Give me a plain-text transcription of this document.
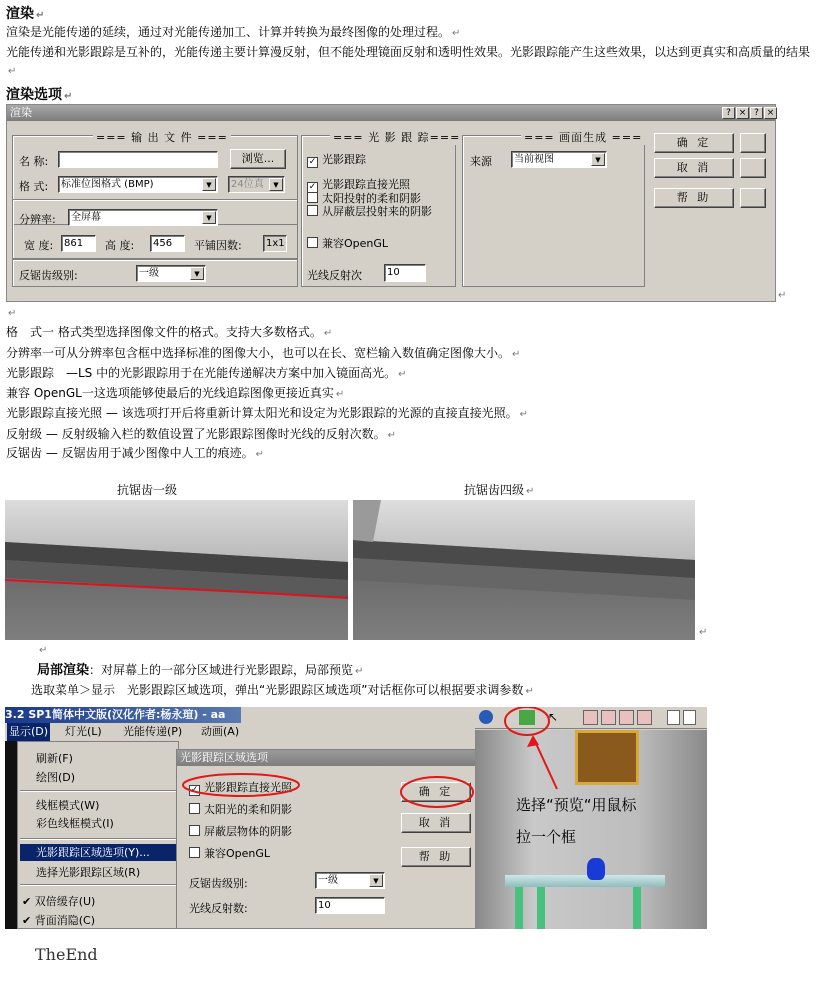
渲染 ↵
渲染是光能传递的延续，通过对光能传递加工、计算并转换为最终图像的处理过程。 ↵
光能传递和光影跟踪是互补的，光能传递主要计算漫反射，但不能处理镜面反射和透明性效果。光影跟踪能产生这些效果，以达到更真实和高质量的结果↵
渲染选项 ↵
渲染	? × ? ×
=== 输 出 文 件 ===
名 称:	浏览...
格 式:	标准位图格式 (BMP)	▼	24位真	▼
分辨率:	全屏幕	▼
宽 度:	861	高 度:	456	平铺因数:	1x1
反锯齿级别:	一级	▼
=== 光 影 跟 踪===
✓ 光影跟踪
✓ 光影跟踪直接光照
太阳投射的柔和阴影
从屏蔽层投射来的阴影
兼容OpenGL
光线反射次	10
=== 画面生成 ===
来源	当前视图	▼
确 定
取 消
帮 助
↵
↵
格　式一 格式类型选择图像文件的格式。支持大多数格式。 ↵
分辨率一可从分辨率包含框中选择标准的图像大小，也可以在长、宽栏输入数值确定图像大小。 ↵
光影跟踪　—LS 中的光影跟踪用于在光能传递解决方案中加入镜面高光。 ↵
兼容 OpenGL一这选项能够使最后的光线追踪图像更接近真实 ↵
光影跟踪直接光照 — 该选项打开后将重新计算太阳光和设定为光影跟踪的光源的直接直接光照。 ↵
反射级 — 反射级输入栏的数值设置了光影跟踪图像时光线的反射次数。 ↵
反锯齿 — 反锯齿用于减少图像中人工的痕迹。 ↵
抗锯齿一级	抗锯齿四级 ↵
↵
↵
局部渲染：对屏幕上的一部分区域进行光影跟踪，局部预览 ↵
选取菜单＞显示　光影跟踪区域选项，弹出“光影跟踪区域选项”对话框你可以根据要求调参数 ↵
3.2 SP1简体中文版(汉化作者:杨永瑄) - aa
显示(D) 灯光(L) 光能传递(P) 动画(A)
刷新(F)
绘图(D)
线框模式(W)
彩色线框模式(I)
光影跟踪区域选项(Y)...
选择光影跟踪区域(R)
✔ 双倍缓存(U)
✔ 背面消隐(C)
光影跟踪区域选项
✓ 光影跟踪直接光照
太阳光的柔和阴影
屏蔽层物体的阴影
兼容OpenGL
反锯齿级别:	一级	▼
光线反射数:	10
确 定
取 消
帮 助
↖
选择“预览“用鼠标
拉一个框
TheEnd
